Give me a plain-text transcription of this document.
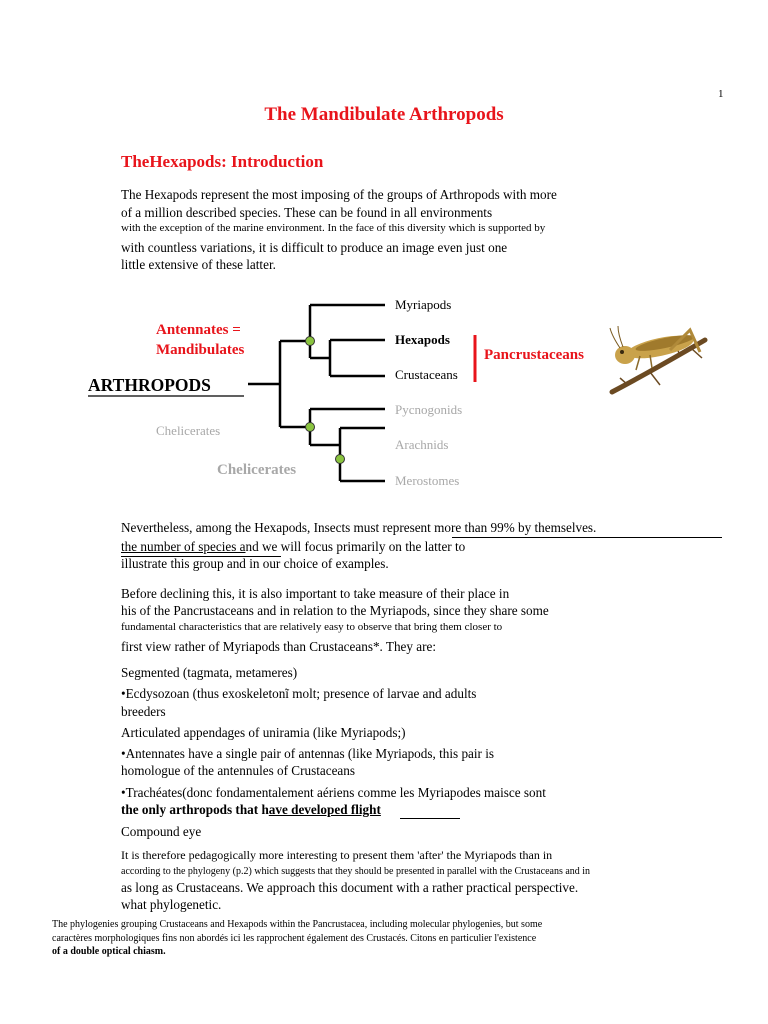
1
The Mandibulate Arthropods
TheHexapods: Introduction
The Hexapods represent the most imposing of the groups of Arthropods with more
of a million described species. These can be found in all environments
with the exception of the marine environment. In the face of this diversity which is supported by
with countless variations, it is difficult to produce an image even just one
little extensive of these latter.
ARTHROPODS
Antennates =
Mandibulates
Chelicerates
Chelicerates
Myriapods
Hexapods
Crustaceans
Pycnogonids
Arachnids
Merostomes
Pancrustaceans
Nevertheless, among the Hexapods, Insects must represent more than 99% by themselves.
the number of species and we will focus primarily on the latter to
illustrate this group and in our choice of examples.
Before declining this, it is also important to take measure of their place in
his of the Pancrustaceans and in relation to the Myriapods, since they share some
fundamental characteristics that are relatively easy to observe that bring them closer to
first view rather of Myriapods than Crustaceans*. They are:
Segmented (tagmata, metameres)
•Ecdysozoan (thus exoskeletonĩ molt; presence of larvae and adults
breeders
Articulated appendages of uniramia (like Myriapods;)
•Antennates have a single pair of antennas (like Myriapods, this pair is
homologue of the antennules of Crustaceans
•Trachéates(donc fondamentalement aériens comme les Myriapodes maisce sont
the only arthropods that have developed flight
Compound eye
It is therefore pedagogically more interesting to present them 'after' the Myriapods than in
according to the phylogeny (p.2) which suggests that they should be presented in parallel with the Crustaceans and in
as long as Crustaceans. We approach this document with a rather practical perspective.
what phylogenetic.
The phylogenies grouping Crustaceans and Hexapods within the Pancrustacea, including molecular phylogenies, but some
caractères morphologiques fins non abordés ici les rapprochent également des Crustacés. Citons en particulier l'existence
of a double optical chiasm.
